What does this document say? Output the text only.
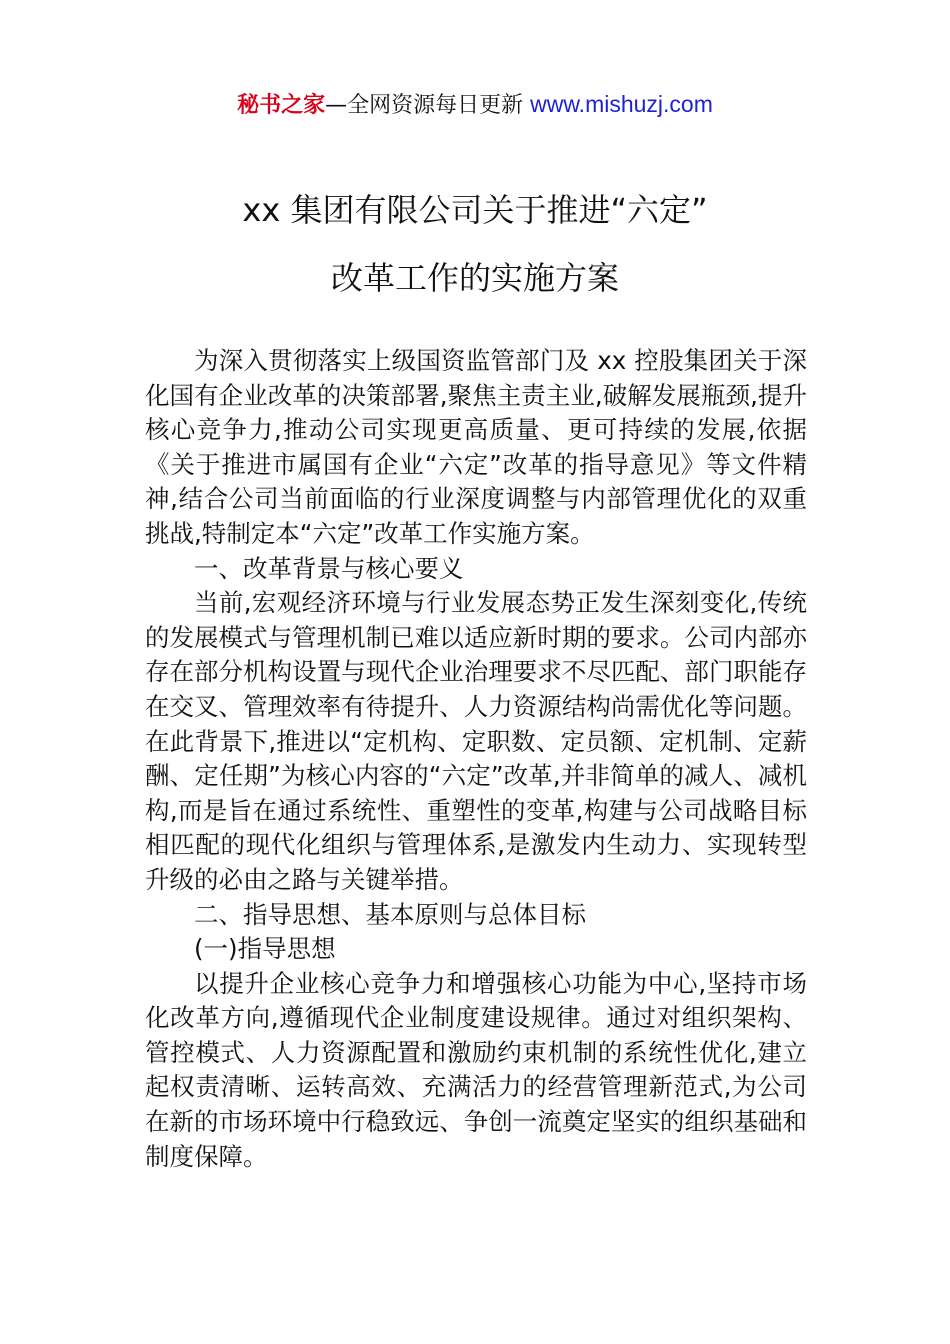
秘书之家—全网资源每日更新 www.mishuzj.com
xx 集团有限公司关于推进“六定”
改革工作的实施方案

为深入贯彻落实上级国资监管部门及 xx 控股集团关于深化国有企业改革的决策部署,聚焦主责主业,破解发展瓶颈,提升核心竞争力,推动公司实现更高质量、更可持续的发展,依据《关于推进市属国有企业“六定”改革的指导意见》等文件精神,结合公司当前面临的行业深度调整与内部管理优化的双重挑战,特制定本“六定”改革工作实施方案。

一、改革背景与核心要义

当前,宏观经济环境与行业发展态势正发生深刻变化,传统的发展模式与管理机制已难以适应新时期的要求。公司内部亦存在部分机构设置与现代企业治理要求不尽匹配、部门职能存在交叉、管理效率有待提升、人力资源结构尚需优化等问题。在此背景下,推进以“定机构、定职数、定员额、定机制、定薪酬、定任期”为核心内容的“六定”改革,并非简单的减人、减机构,而是旨在通过系统性、重塑性的变革,构建与公司战略目标相匹配的现代化组织与管理体系,是激发内生动力、实现转型升级的必由之路与关键举措。

二、指导思想、基本原则与总体目标

(一)指导思想

以提升企业核心竞争力和增强核心功能为中心,坚持市场化改革方向,遵循现代企业制度建设规律。通过对组织架构、管控模式、人力资源配置和激励约束机制的系统性优化,建立起权责清晰、运转高效、充满活力的经营管理新范式,为公司在新的市场环境中行稳致远、争创一流奠定坚实的组织基础和制度保障。
